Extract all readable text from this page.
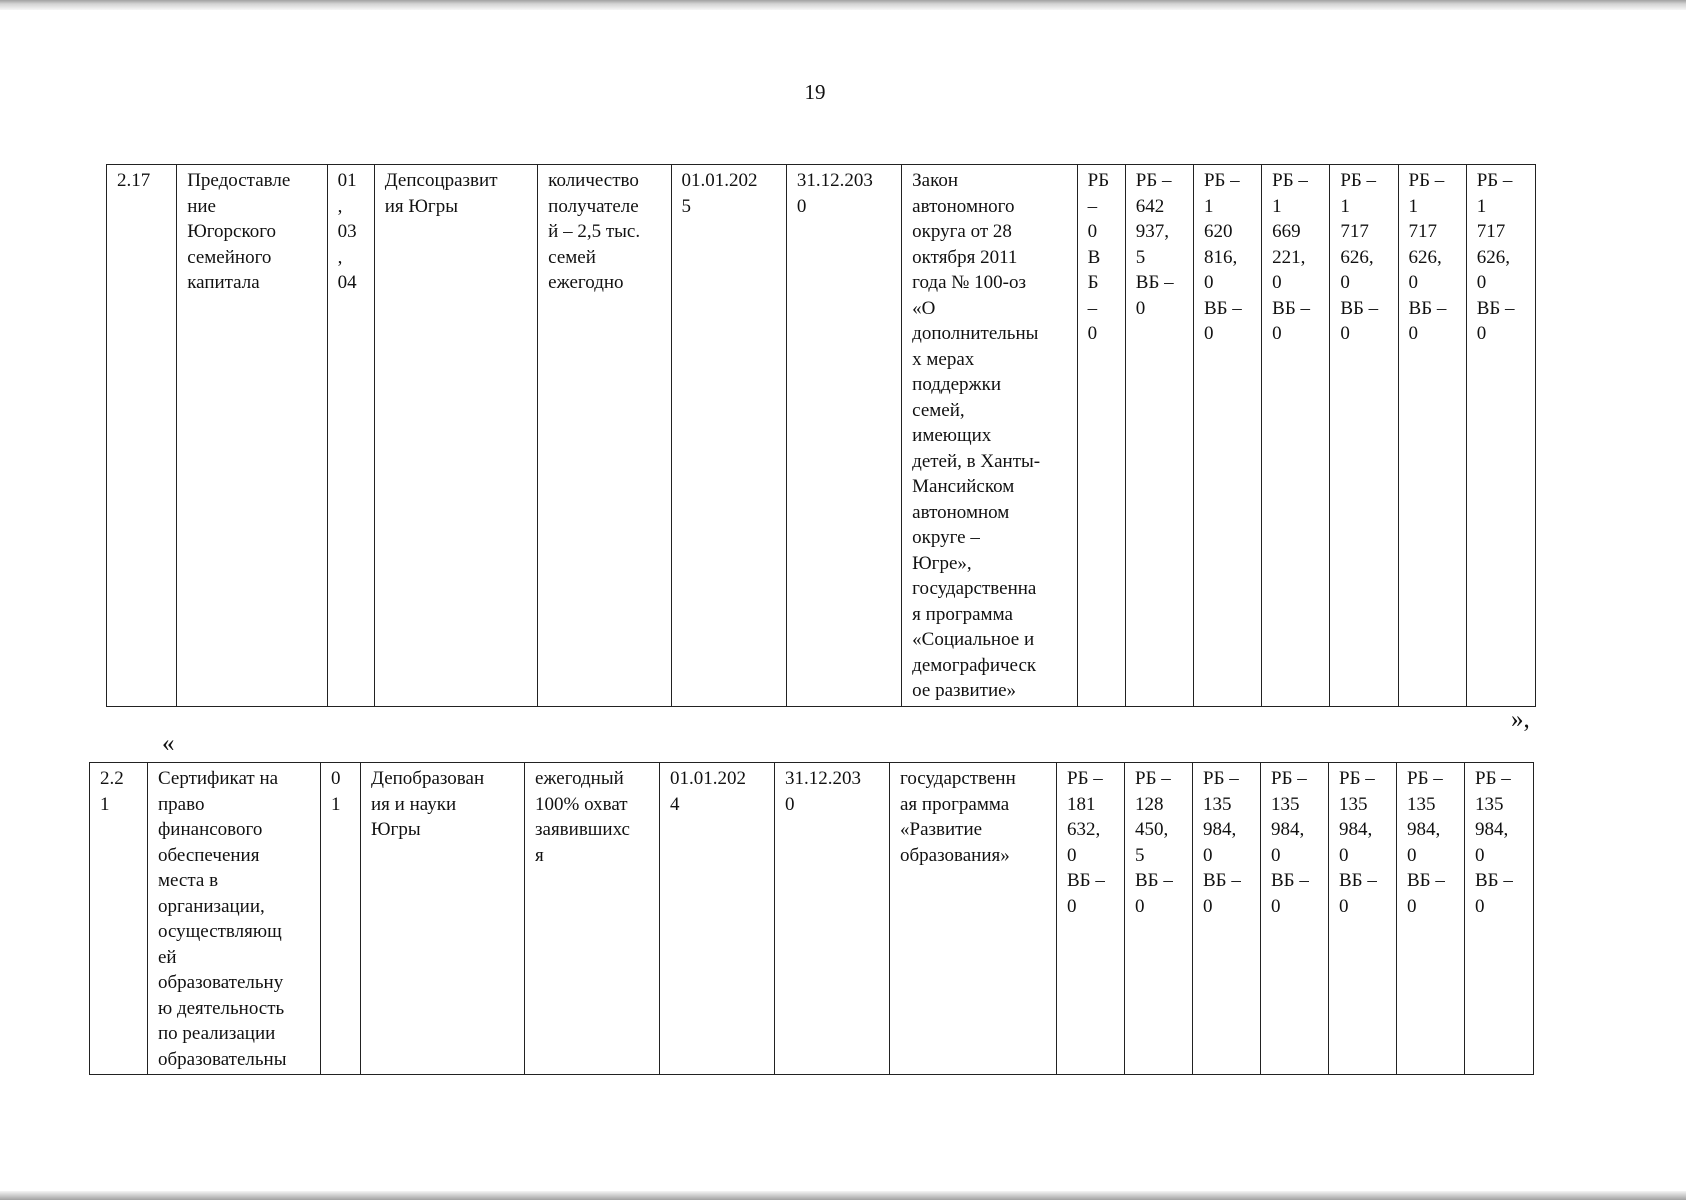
19
2.17	Предоставле
ние
Югорского
семейного
капитала	01
,
03
,
04	Депсоцразвит
ия Югры	количество
получателе
й – 2,5 тыс.
семей
ежегодно	01.01.202
5	31.12.203
0	Закон
автономного
округа от 28
октября 2011
года № 100-оз
«О
дополнительны
х мерах
поддержки
семей,
имеющих
детей, в Ханты-
Мансийском
автономном
округе –
Югре»,
государственна
я программа
«Социальное и
демографическ
ое развитие»	РБ
–
0
В
Б
–
0	РБ –
642
937,
5
ВБ –
0	РБ –
1
620
816,
0
ВБ –
0	РБ –
1
669
221,
0
ВБ –
0	РБ –
1
717
626,
0
ВБ –
0	РБ –
1
717
626,
0
ВБ –
0	РБ –
1
717
626,
0
ВБ –
0
»,
«
2.2
1	Сертификат на
право
финансового
обеспечения
места в
организации,
осуществляющ
ей
образовательну
ю деятельность
по реализации
образовательны	0
1	Депобразован
ия и науки
Югры	ежегодный
100% охват
заявившихс
я	01.01.202
4	31.12.203
0	государственн
ая программа
«Развитие
образования»	РБ –
181
632,
0
ВБ –
0	РБ –
128
450,
5
ВБ –
0	РБ –
135
984,
0
ВБ –
0	РБ –
135
984,
0
ВБ –
0	РБ –
135
984,
0
ВБ –
0	РБ –
135
984,
0
ВБ –
0	РБ –
135
984,
0
ВБ –
0
